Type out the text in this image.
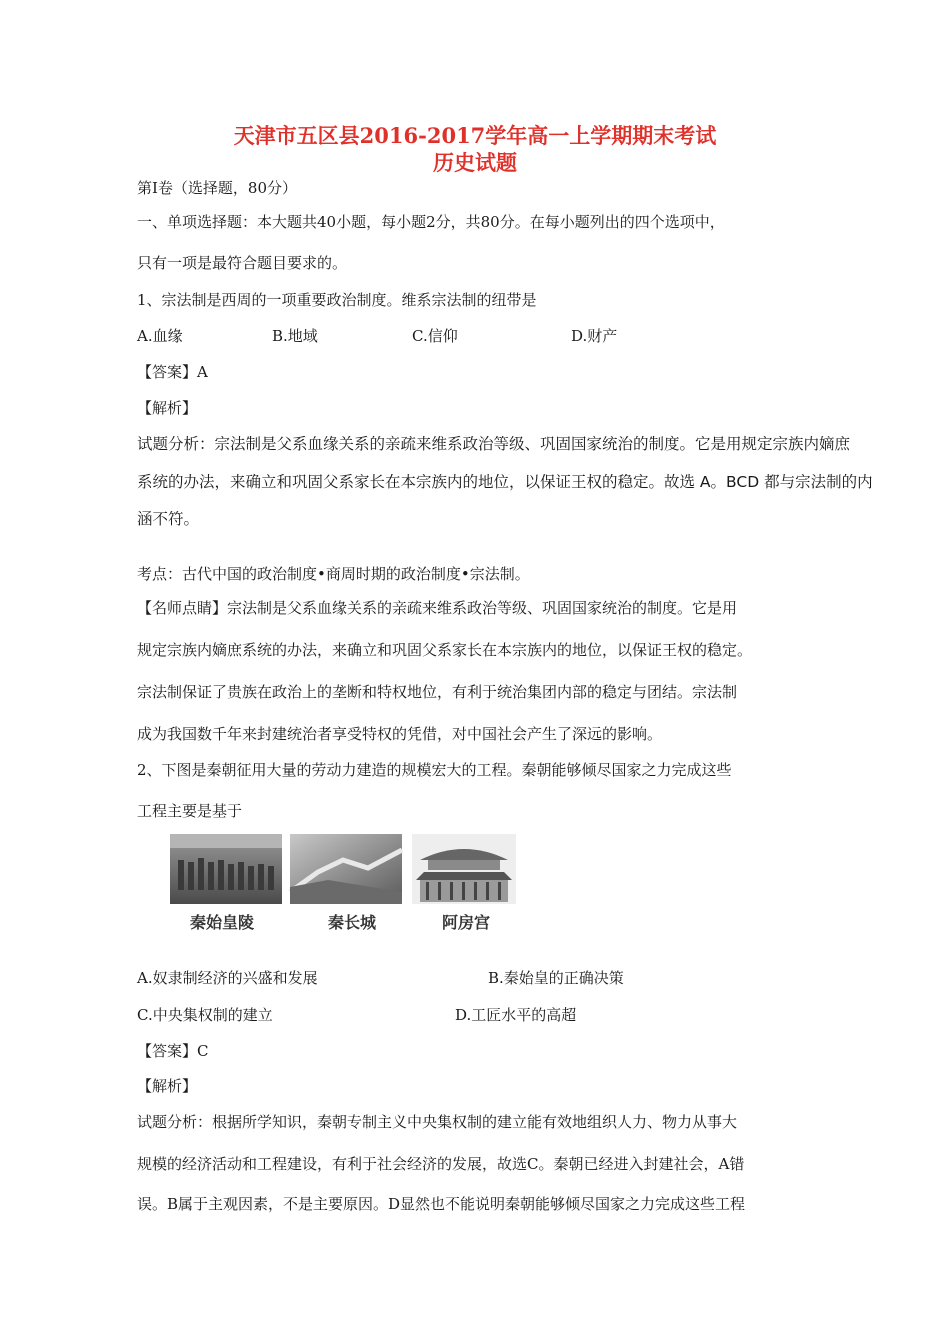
天津市五区县2016-2017学年高一上学期期末考试
历史试题
第I卷（选择题，80分）
一、单项选择题：本大题共40小题，每小题2分，共80分。在每小题列出的四个选项中，
只有一项是最符合题目要求的。
1、宗法制是西周的一项重要政治制度。维系宗法制的纽带是
A.血缘	B.地域	C.信仰	D.财产
【答案】A
【解析】
试题分析：宗法制是父系血缘关系的亲疏来维系政治等级、巩固国家统治的制度。它是用规定宗族内嫡庶
系统的办法，来确立和巩固父系家长在本宗族内的地位，以保证王权的稳定。故选 A。BCD 都与宗法制的内
涵不符。
考点：古代中国的政治制度•商周时期的政治制度•宗法制。
【名师点睛】宗法制是父系血缘关系的亲疏来维系政治等级、巩固国家统治的制度。它是用
规定宗族内嫡庶系统的办法，来确立和巩固父系家长在本宗族内的地位，以保证王权的稳定。
宗法制保证了贵族在政治上的垄断和特权地位，有利于统治集团内部的稳定与团结。宗法制
成为我国数千年来封建统治者享受特权的凭借，对中国社会产生了深远的影响。
2、下图是秦朝征用大量的劳动力建造的规模宏大的工程。秦朝能够倾尽国家之力完成这些
工程主要是基于
秦始皇陵	秦长城	阿房宫
A.奴隶制经济的兴盛和发展	B.秦始皇的正确决策
C.中央集权制的建立	D.工匠水平的高超
【答案】C
【解析】
试题分析：根据所学知识，秦朝专制主义中央集权制的建立能有效地组织人力、物力从事大
规模的经济活动和工程建设，有利于社会经济的发展，故选C。秦朝已经进入封建社会，A错
误。B属于主观因素，不是主要原因。D显然也不能说明秦朝能够倾尽国家之力完成这些工程
